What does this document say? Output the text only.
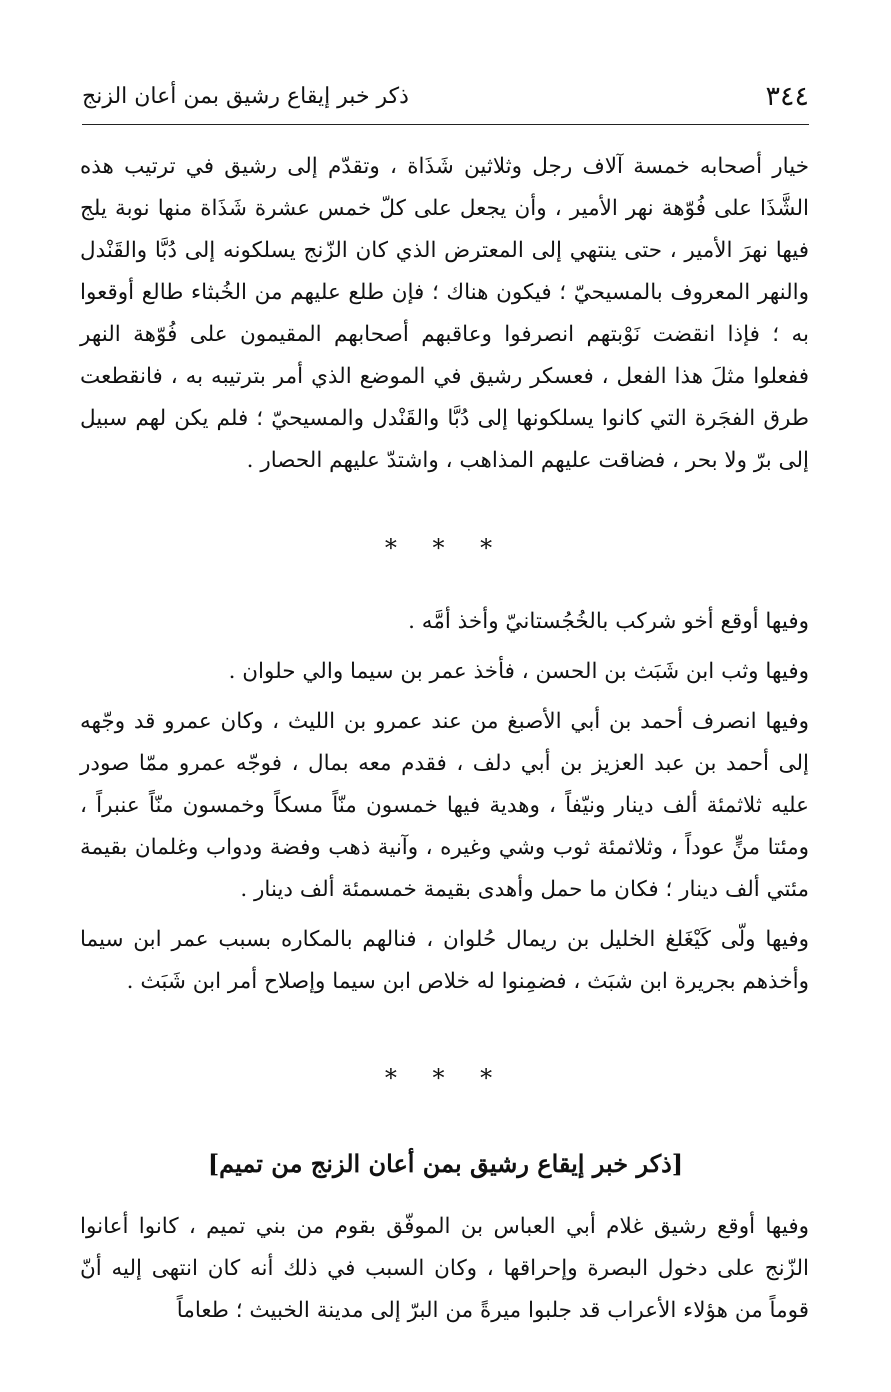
٣٤٤
ذكر خبر إيقاع رشيق بمن أعان الزنج

خيار أصحابه خمسة آلاف رجل وثلاثين شَذَاة ، وتقدّم إلى رشيق في ترتيب هذه الشَّذَا على فُوّهة نهر الأمير ، وأن يجعل على كلّ خمس عشرة شَذَاة منها نوبة يلج فيها نهرَ الأمير ، حتى ينتهي إلى المعترض الذي كان الزّنج يسلكونه إلى دُبَّا والقَنْدل والنهر المعروف بالمسيحيّ ؛ فيكون هناك ؛ فإن طلع عليهم من الخُبثاء طالع أوقعوا به ؛ فإذا انقضت نَوْبتهم انصرفوا وعاقبهم أصحابهم المقيمون على فُوّهة النهر ففعلوا مثلَ هذا الفعل ، فعسكر رشيق في الموضع الذي أمر بترتيبه به ، فانقطعت طرق الفجَرة التي كانوا يسلكونها إلى دُبَّا والقَنْدل والمسيحيّ ؛ فلم يكن لهم سبيل إلى برّ ولا بحر ، فضاقت عليهم المذاهب ، واشتدّ عليهم الحصار .

* * *

وفيها أوقع أخو شركب بالخُجُستانيّ وأخذ أمَّه .

وفيها وثب ابن شَبَث بن الحسن ، فأخذ عمر بن سيما والي حلوان .

وفيها انصرف أحمد بن أبي الأصبغ من عند عمرو بن الليث ، وكان عمرو قد وجّهه إلى أحمد بن عبد العزيز بن أبي دلف ، فقدم معه بمال ، فوجّه عمرو ممّا صودر عليه ثلاثمئة ألف دينار ونيّفاً ، وهدية فيها خمسون منّاً مسكاً وخمسون منّاً عنبراً ، ومئتا منٍّ عوداً ، وثلاثمئة ثوب وشي وغيره ، وآنية ذهب وفضة ودواب وغلمان بقيمة مئتي ألف دينار ؛ فكان ما حمل وأهدى بقيمة خمسمئة ألف دينار .

وفيها ولّى كَيْغَلغ الخليل بن ريمال حُلوان ، فنالهم بالمكاره بسبب عمر ابن سيما وأخذهم بجريرة ابن شبَث ، فضمِنوا له خلاص ابن سيما وإصلاح أمر ابن شَبَث .

* * *
[ذكر خبر إيقاع رشيق بمن أعان الزنج من تميم]

وفيها أوقع رشيق غلام أبي العباس بن الموفّق بقوم من بني تميم ، كانوا أعانوا الزّنج على دخول البصرة وإحراقها ، وكان السبب في ذلك أنه كان انتهى إليه أنّ قوماً من هؤلاء الأعراب قد جلبوا ميرةً من البرّ إلى مدينة الخبيث ؛ طعاماً
